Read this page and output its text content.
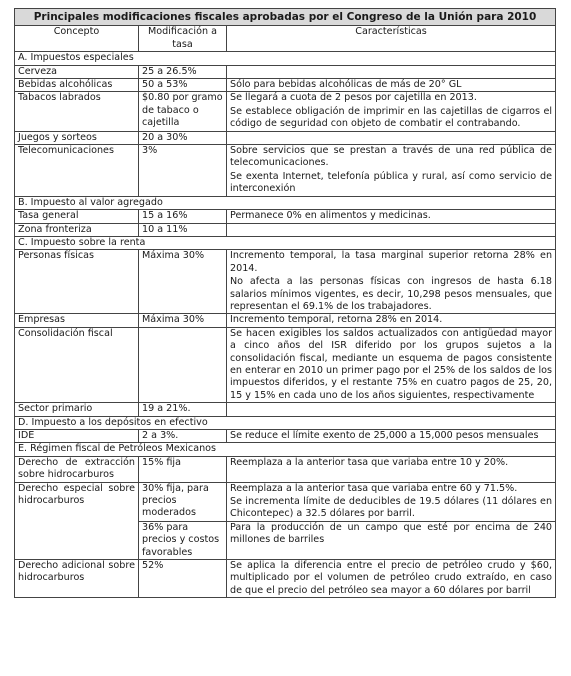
Principales modificaciones fiscales aprobadas por el Congreso de la Unión para 2010		
Concepto	Modificación a tasa	Características
A. Impuestos especiales		
Cerveza	25 a 26.5%	
Bebidas alcohólicas	50 a 53%	Sólo para bebidas alcohólicas de más de 20° GL
Tabacos labrados	$0.80 por gramo de tabaco o cajetilla	Se llegará a cuota de 2 pesos por cajetilla en 2013.
Se establece obligación de imprimir en las cajetillas de cigarros el código de seguridad con objeto de combatir el contrabando.

Juegos y sorteos	20 a 30%	
Telecomunicaciones	3%	Sobre servicios que se prestan a través de una red pública de telecomunicaciones.
Se exenta Internet, telefonía pública y rural, así como servicio de interconexión

B. Impuesto al valor agregado		
Tasa general	15 a 16%	Permanece 0% en alimentos y medicinas.
Zona fronteriza	10 a 11%	
C. Impuesto sobre la renta		
Personas físicas	Máxima 30%	Incremento temporal, la tasa marginal superior retorna 28% en 2014.
No afecta a las personas físicas con ingresos de hasta 6.18 salarios mínimos vigentes, es decir, 10,298 pesos mensuales, que representan el 69.1% de los trabajadores.

Empresas	Máxima 30%	Incremento temporal, retorna 28% en 2014.
Consolidación fiscal		Se hacen exigibles los saldos actualizados con antigüedad mayor a cinco años del ISR diferido por los grupos sujetos a la consolidación fiscal, mediante un esquema de pagos consistente en enterar en 2010 un primer pago por el 25% de los saldos de los impuestos diferidos, y el restante 75% en cuatro pagos de 25, 20, 15 y 15% en cada uno de los años siguientes, respectivamente
Sector primario	19 a 21%.	
D. Impuesto a los depósitos en efectivo		
IDE	2 a 3%.	Se reduce el límite exento de 25,000 a 15,000 pesos mensuales
E. Régimen fiscal de Petróleos Mexicanos		
Derecho de extracción sobre hidrocarburos	15% fija	Reemplaza a la anterior tasa que variaba entre 10 y 20%.
Derecho especial sobre hidrocarburos	30% fija, para precios moderados	Reemplaza a la anterior tasa que variaba entre 60 y 71.5%.
Se incrementa límite de deducibles de 19.5 dólares (11 dólares en Chicontepec) a 32.5 dólares por barril.

	36% para precios y costos favorables	Para la producción de un campo que esté por encima de 240 millones de barriles
Derecho adicional sobre hidrocarburos	52%	Se aplica la diferencia entre el precio de petróleo crudo y $60, multiplicado por el volumen de petróleo crudo extraído, en caso de que el precio del petróleo sea mayor a 60 dólares por barril
